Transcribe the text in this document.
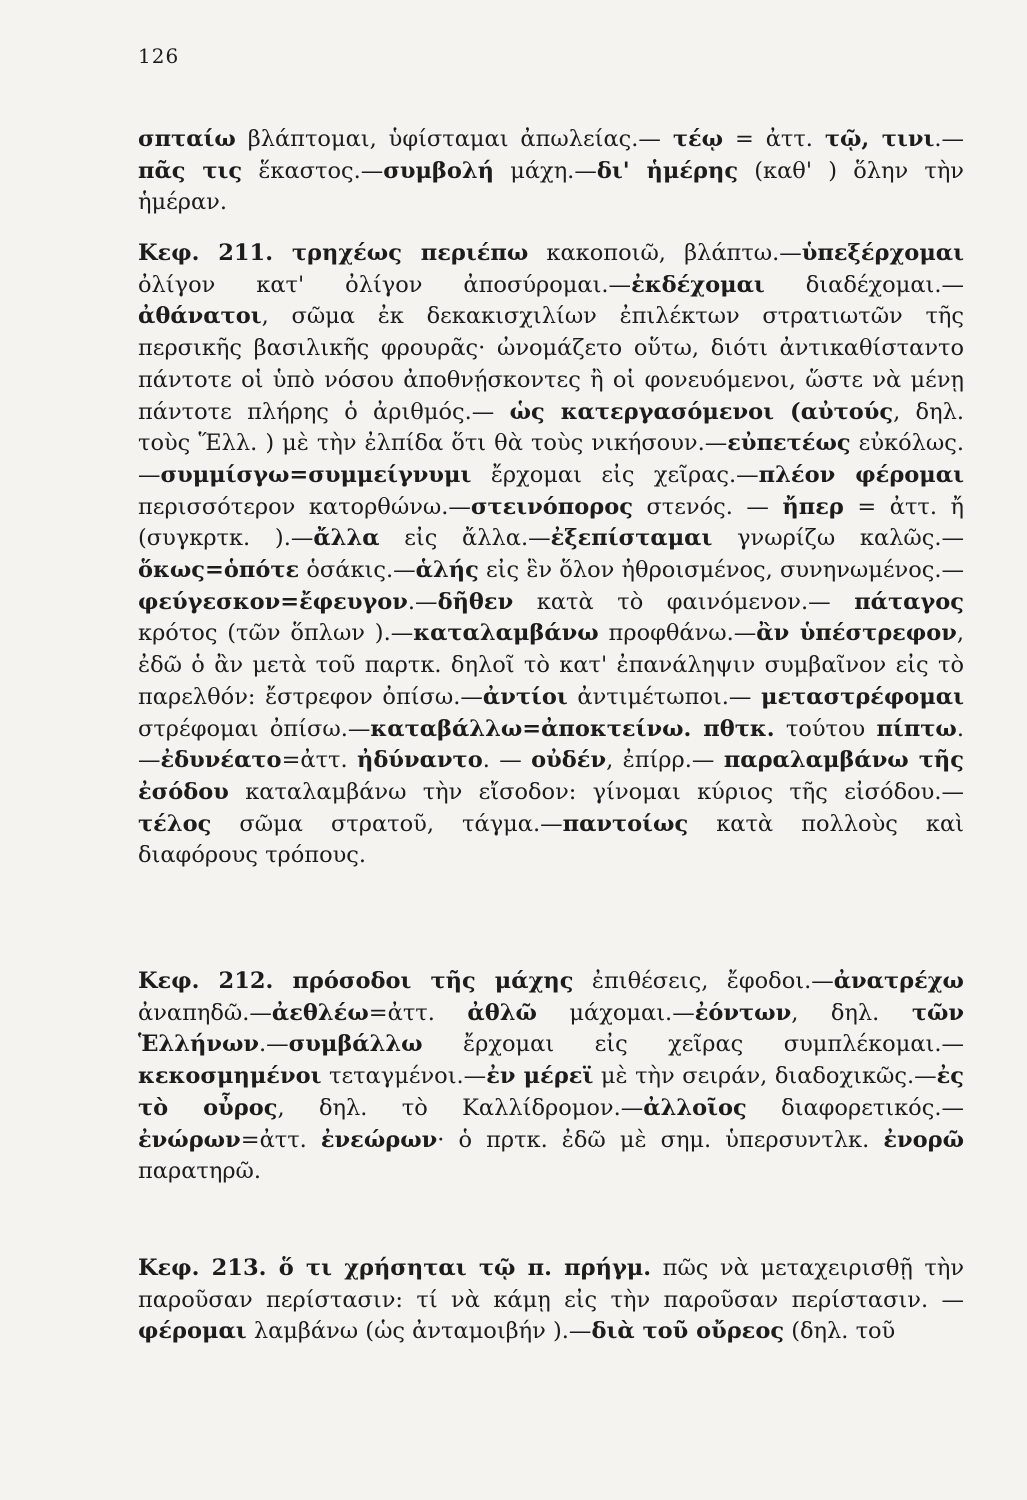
126
σπταίω βλάπτομαι, ὑφίσταμαι ἀπωλείας.— τέῳ = ἀττ. τῷ, τινι.—πᾶς τις ἕκαστος.—συμβολή μάχη.—δι' ἡμέρης (καθ' ) ὅλην τὴν ἡμέραν.
Κεφ. 211. τρηχέως περιέπω κακοποιῶ, βλάπτω.—ὑπεξέρχομαι ὀλίγον κατ' ὀλίγον ἀποσύρομαι.—ἐκδέχομαι διαδέχομαι.— ἀθάνατοι, σῶμα ἐκ δεκακισχιλίων ἐπιλέκτων στρατιωτῶν τῆς περσικῆς βασιλικῆς φρουρᾶς· ὠνομάζετο οὕτω, διότι ἀντικαθίσταντο πάντοτε οἱ ὑπὸ νόσου ἀποθνῄσκοντες ἢ οἱ φονευόμενοι, ὥστε νὰ μένῃ πάντοτε πλήρης ὁ ἀριθμός.— ὡς κατεργασόμενοι (αὐτούς, δηλ. τοὺς Ἕλλ. ) μὲ τὴν ἐλπίδα ὅτι θὰ τοὺς νικήσουν.—εὐπετέως εὐκόλως. —συμμίσγω=συμμείγνυμι ἔρχομαι εἰς χεῖρας.—πλέον φέρομαι περισσότερον κατορθώνω.—στεινόπορος στενός. — ἤπερ = ἀττ. ἤ (συγκρτκ. ).—ἄλλα εἰς ἄλλα.—ἐξεπίσταμαι γνωρίζω καλῶς.—ὅκως=ὁπότε ὁσάκις.—ἁλής εἰς ἓν ὅλον ἠθροισμένος, συνηνωμένος.—φεύγεσκον=ἔφευγον.—δῆθεν κατὰ τὸ φαινόμενον.— πάταγος κρότος (τῶν ὅπλων ).—καταλαμβάνω προφθάνω.—ἂν ὑπέστρεφον, ἐδῶ ὁ ἂν μετὰ τοῦ παρτκ. δηλοῖ τὸ κατ' ἐπανάληψιν συμβαῖνον εἰς τὸ παρελθόν: ἔστρεφον ὀπίσω.—ἀντίοι ἀντιμέτωποι.— μεταστρέφομαι στρέφομαι ὀπίσω.—καταβάλλω=ἀποκτείνω. πθτκ. τούτου πίπτω.—ἐδυνέατο=ἀττ. ἠδύναντο. — οὐδέν, ἐπίρρ.— παραλαμβάνω τῆς ἐσόδου καταλαμβάνω τὴν εἴσοδον: γίνομαι κύριος τῆς εἰσόδου.—τέλος σῶμα στρατοῦ, τάγμα.—παντοίως κατὰ πολλοὺς καὶ διαφόρους τρόπους.
Κεφ. 212. πρόσοδοι τῆς μάχης ἐπιθέσεις, ἔφοδοι.—ἀνατρέχω ἀναπηδῶ.—ἀεθλέω=ἀττ. ἀθλῶ μάχομαι.—ἐόντων, δηλ. τῶν Ἑλλήνων.—συμβάλλω ἔρχομαι εἰς χεῖρας συμπλέκομαι.—κεκοσμημένοι τεταγμένοι.—ἐν μέρεϊ μὲ τὴν σειράν, διαδοχικῶς.—ἐς τὸ οὖρος, δηλ. τὸ Καλλίδρομον.—ἀλλοῖος διαφορετικός.—ἐνώρων=ἀττ. ἐνεώρων· ὁ πρτκ. ἐδῶ μὲ σημ. ὑπερσυντλκ. ἐνορῶ παρατηρῶ.
Κεφ. 213. ὅ τι χρήσηται τῷ π. πρήγμ. πῶς νὰ μεταχειρισθῇ τὴν παροῦσαν περίστασιν: τί νὰ κάμῃ εἰς τὴν παροῦσαν περίστασιν. —φέρομαι λαμβάνω (ὡς ἀνταμοιβήν ).—διὰ τοῦ οὔρεος (δηλ. τοῦ
